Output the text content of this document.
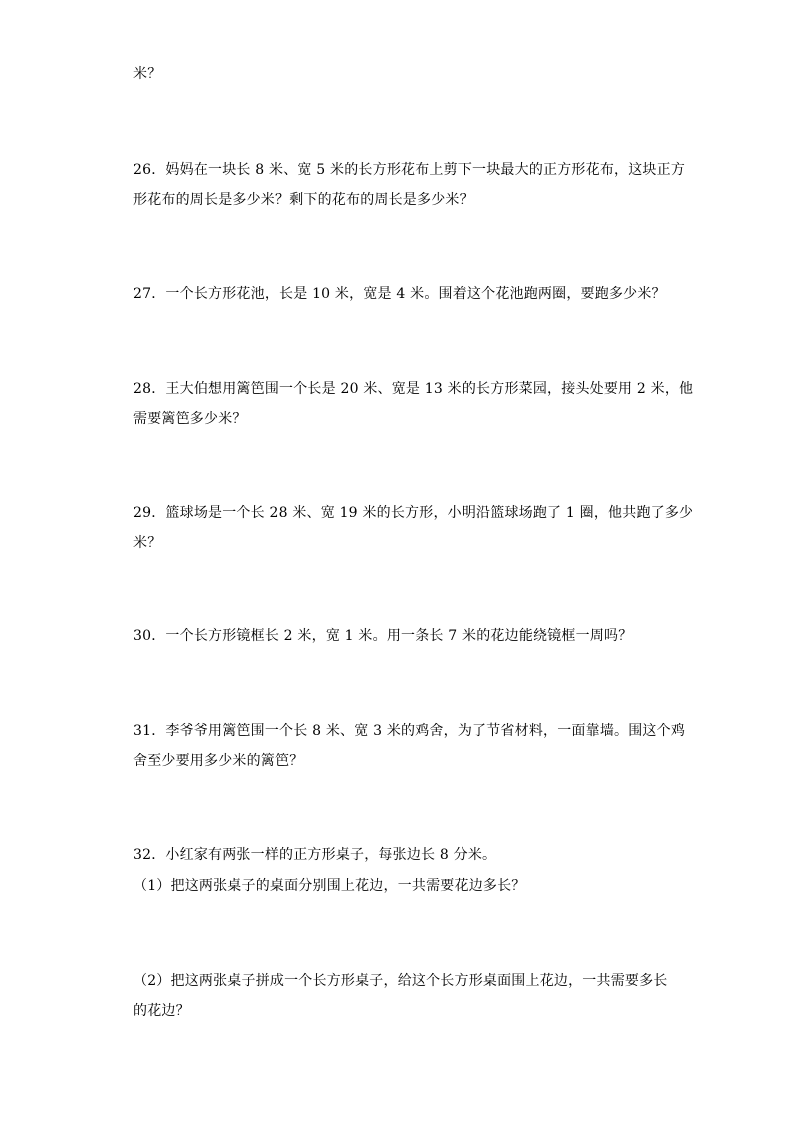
米？
26．妈妈在一块长 8 米、宽 5 米的长方形花布上剪下一块最大的正方形花布，这块正方
形花布的周长是多少米？剩下的花布的周长是多少米？
27．一个长方形花池，长是 10 米，宽是 4 米。围着这个花池跑两圈，要跑多少米？
28．王大伯想用篱笆围一个长是 20 米、宽是 13 米的长方形菜园，接头处要用 2 米，他
需要篱笆多少米？
29．篮球场是一个长 28 米、宽 19 米的长方形，小明沿篮球场跑了 1 圈，他共跑了多少
米？
30．一个长方形镜框长 2 米，宽 1 米。用一条长 7 米的花边能绕镜框一周吗？
31．李爷爷用篱笆围一个长 8 米、宽 3 米的鸡舍，为了节省材料，一面靠墙。围这个鸡
舍至少要用多少米的篱笆？
32．小红家有两张一样的正方形桌子，每张边长 8 分米。
（1）把这两张桌子的桌面分别围上花边，一共需要花边多长？
（2）把这两张桌子拼成一个长方形桌子，给这个长方形桌面围上花边，一共需要多长
的花边？
